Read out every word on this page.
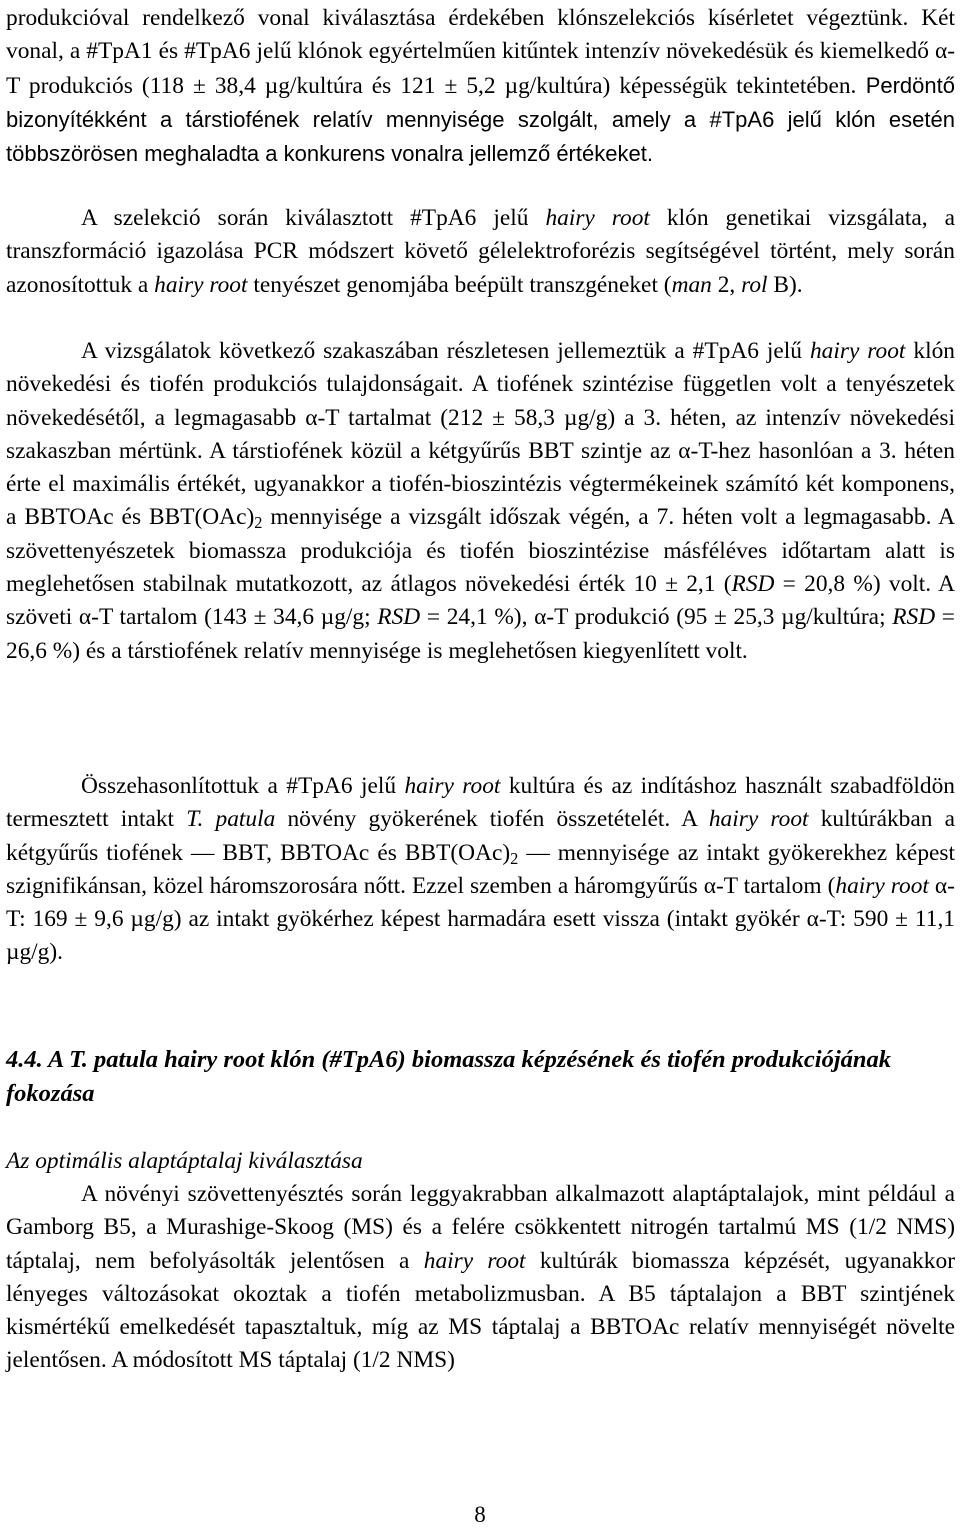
produkcióval rendelkező vonal kiválasztása érdekében klónszelekciós kísérletet végeztünk. Két vonal, a #TpA1 és #TpA6 jelű klónok egyértelműen kitűntek intenzív növekedésük és kiemelkedő α-T produkciós (118 ± 38,4 µg/kultúra és 121 ± 5,2 µg/kultúra) képességük tekintetében. Perdöntő bizonyítékként a társtiofének relatív mennyisége szolgált, amely a #TpA6 jelű klón esetén többszörösen meghaladta a konkurens vonalra jellemző értékeket.

A szelekció során kiválasztott #TpA6 jelű hairy root klón genetikai vizsgálata, a transzformáció igazolása PCR módszert követő gélelektroforézis segítségével történt, mely során azonosítottuk a hairy root tenyészet genomjába beépült transzgéneket (man 2, rol B).

A vizsgálatok következő szakaszában részletesen jellemeztük a #TpA6 jelű hairy root klón növekedési és tiofén produkciós tulajdonságait. A tiofének szintézise független volt a tenyészetek növekedésétől, a legmagasabb α-T tartalmat (212 ± 58,3 µg/g) a 3. héten, az intenzív növekedési szakaszban mértünk. A társtiofének közül a kétgyűrűs BBT szintje az α-T-hez hasonlóan a 3. héten érte el maximális értékét, ugyanakkor a tiofén-bioszintézis végtermékeinek számító két komponens, a BBTOAc és $BBT(OAc)_2$ mennyisége a vizsgált időszak végén, a 7. héten volt a legmagasabb. A szövettenyészetek biomassza produkciója és tiofén bioszintézise másféléves időtartam alatt is meglehetősen stabilnak mutatkozott, az átlagos növekedési érték 10 ± 2,1 (RSD = 20,8 %) volt. A szöveti α-T tartalom (143 ± 34,6 µg/g; RSD = 24,1 %), α-T produkció (95 ± 25,3 µg/kultúra; RSD = 26,6 %) és a társtiofének relatív mennyisége is meglehetősen kiegyenlített volt.

Összehasonlítottuk a #TpA6 jelű hairy root kultúra és az indításhoz használt szabadföldön termesztett intakt T. patula növény gyökerének tiofén összetételét. A hairy root kultúrákban a kétgyűrűs tiofének — BBT, BBTOAc és $BBT(OAc)_2$ — mennyisége az intakt gyökerekhez képest szignifikánsan, közel háromszorosára nőtt. Ezzel szemben a háromgyűrűs α-T tartalom (hairy root α-T: 169 ± 9,6 µg/g) az intakt gyökérhez képest harmadára esett vissza (intakt gyökér α-T: 590 ± 11,1 µg/g).

4.4. A T. patula hairy root klón (#TpA6) biomassza képzésének és tiofén produkciójának fokozása

Az optimális alaptáptalaj kiválasztása

A növényi szövettenyésztés során leggyakrabban alkalmazott alaptáptalajok, mint például a Gamborg B5, a Murashige-Skoog (MS) és a felére csökkentett nitrogén tartalmú MS (1/2 NMS) táptalaj, nem befolyásolták jelentősen a hairy root kultúrák biomassza képzését, ugyanakkor lényeges változásokat okoztak a tiofén metabolizmusban. A B5 táptalajon a BBT szintjének kismértékű emelkedését tapasztaltuk, míg az MS táptalaj a BBTOAc relatív mennyiségét növelte jelentősen. A módosított MS táptalaj (1/2 NMS)

8
